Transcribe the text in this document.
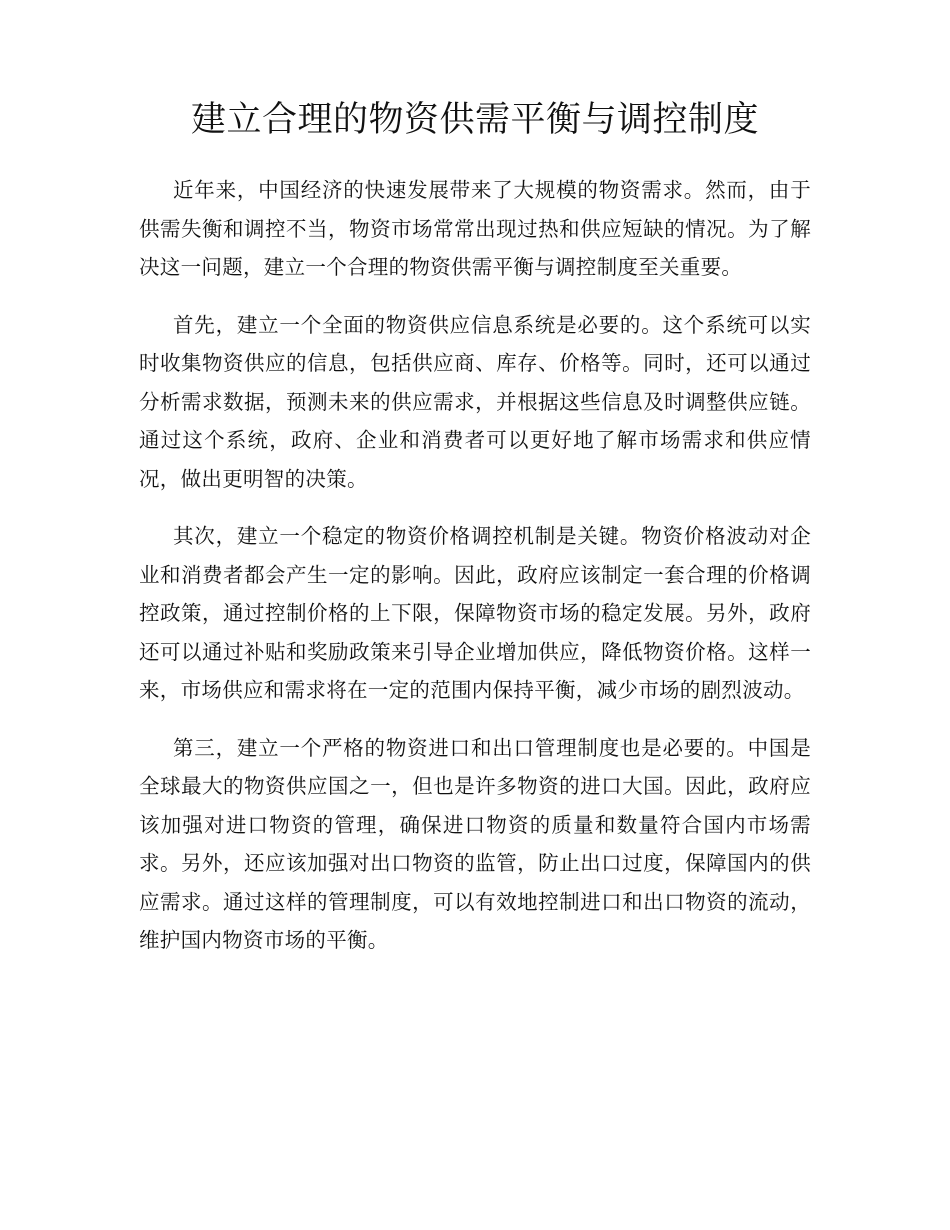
建立合理的物资供需平衡与调控制度

近年来，中国经济的快速发展带来了大规模的物资需求。然而，由于供需失衡和调控不当，物资市场常常出现过热和供应短缺的情况。为了解决这一问题，建立一个合理的物资供需平衡与调控制度至关重要。

首先，建立一个全面的物资供应信息系统是必要的。这个系统可以实时收集物资供应的信息，包括供应商、库存、价格等。同时，还可以通过分析需求数据，预测未来的供应需求，并根据这些信息及时调整供应链。通过这个系统，政府、企业和消费者可以更好地了解市场需求和供应情况，做出更明智的决策。

其次，建立一个稳定的物资价格调控机制是关键。物资价格波动对企业和消费者都会产生一定的影响。因此，政府应该制定一套合理的价格调控政策，通过控制价格的上下限，保障物资市场的稳定发展。另外，政府还可以通过补贴和奖励政策来引导企业增加供应，降低物资价格。这样一来，市场供应和需求将在一定的范围内保持平衡，减少市场的剧烈波动。

第三，建立一个严格的物资进口和出口管理制度也是必要的。中国是全球最大的物资供应国之一，但也是许多物资的进口大国。因此，政府应该加强对进口物资的管理，确保进口物资的质量和数量符合国内市场需求。另外，还应该加强对出口物资的监管，防止出口过度，保障国内的供应需求。通过这样的管理制度，可以有效地控制进口和出口物资的流动，维护国内物资市场的平衡。
